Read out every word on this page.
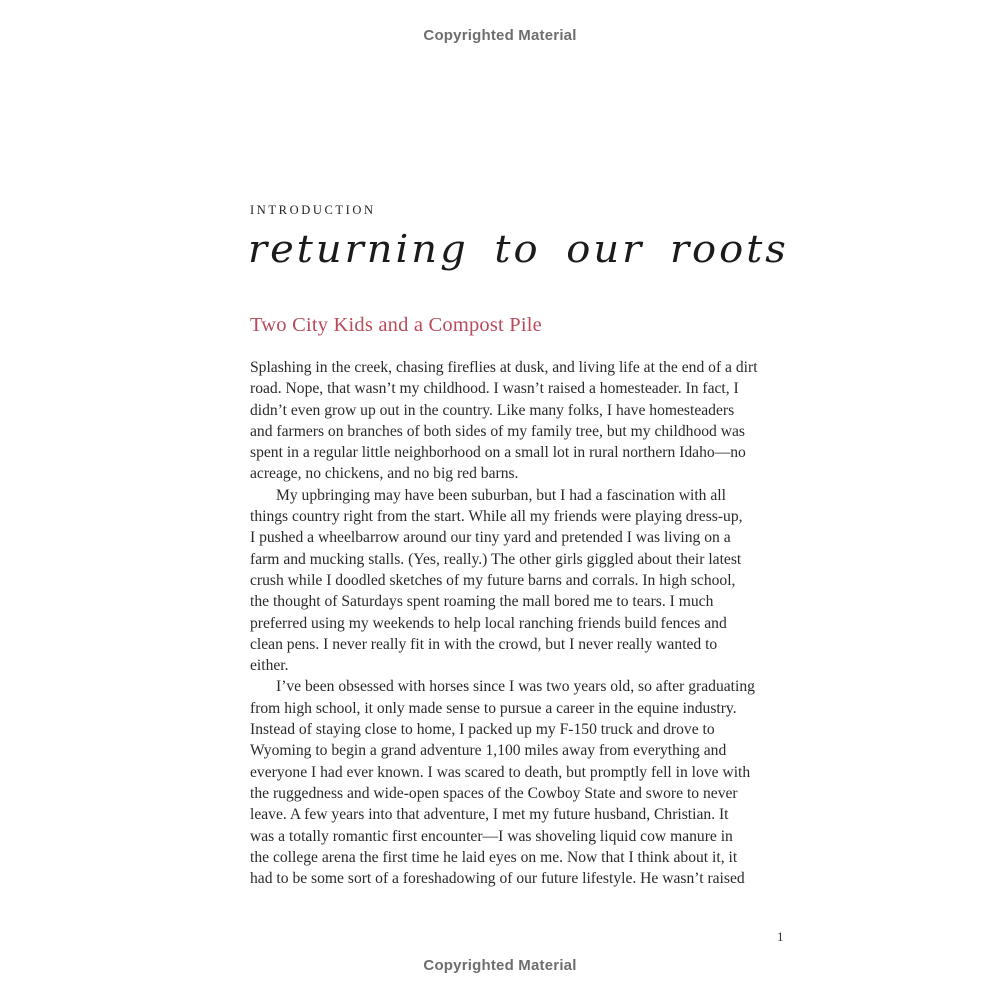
Copyrighted Material
INTRODUCTION
returning to our roots
Two City Kids and a Compost Pile
Splashing in the creek, chasing fireflies at dusk, and living life at the end of a dirt
road. Nope, that wasn’t my childhood. I wasn’t raised a homesteader. In fact, I
didn’t even grow up out in the country. Like many folks, I have homesteaders
and farmers on branches of both sides of my family tree, but my childhood was
spent in a regular little neighborhood on a small lot in rural northern Idaho—no
acreage, no chickens, and no big red barns.
My upbringing may have been suburban, but I had a fascination with all
things country right from the start. While all my friends were playing dress-up,
I pushed a wheelbarrow around our tiny yard and pretended I was living on a
farm and mucking stalls. (Yes, really.) The other girls giggled about their latest
crush while I doodled sketches of my future barns and corrals. In high school,
the thought of Saturdays spent roaming the mall bored me to tears. I much
preferred using my weekends to help local ranching friends build fences and
clean pens. I never really fit in with the crowd, but I never really wanted to
either.
I’ve been obsessed with horses since I was two years old, so after graduating
from high school, it only made sense to pursue a career in the equine industry.
Instead of staying close to home, I packed up my F-150 truck and drove to
Wyoming to begin a grand adventure 1,100 miles away from everything and
everyone I had ever known. I was scared to death, but promptly fell in love with
the ruggedness and wide-open spaces of the Cowboy State and swore to never
leave. A few years into that adventure, I met my future husband, Christian. It
was a totally romantic first encounter—I was shoveling liquid cow manure in
the college arena the first time he laid eyes on me. Now that I think about it, it
had to be some sort of a foreshadowing of our future lifestyle. He wasn’t raised
1
Copyrighted Material
